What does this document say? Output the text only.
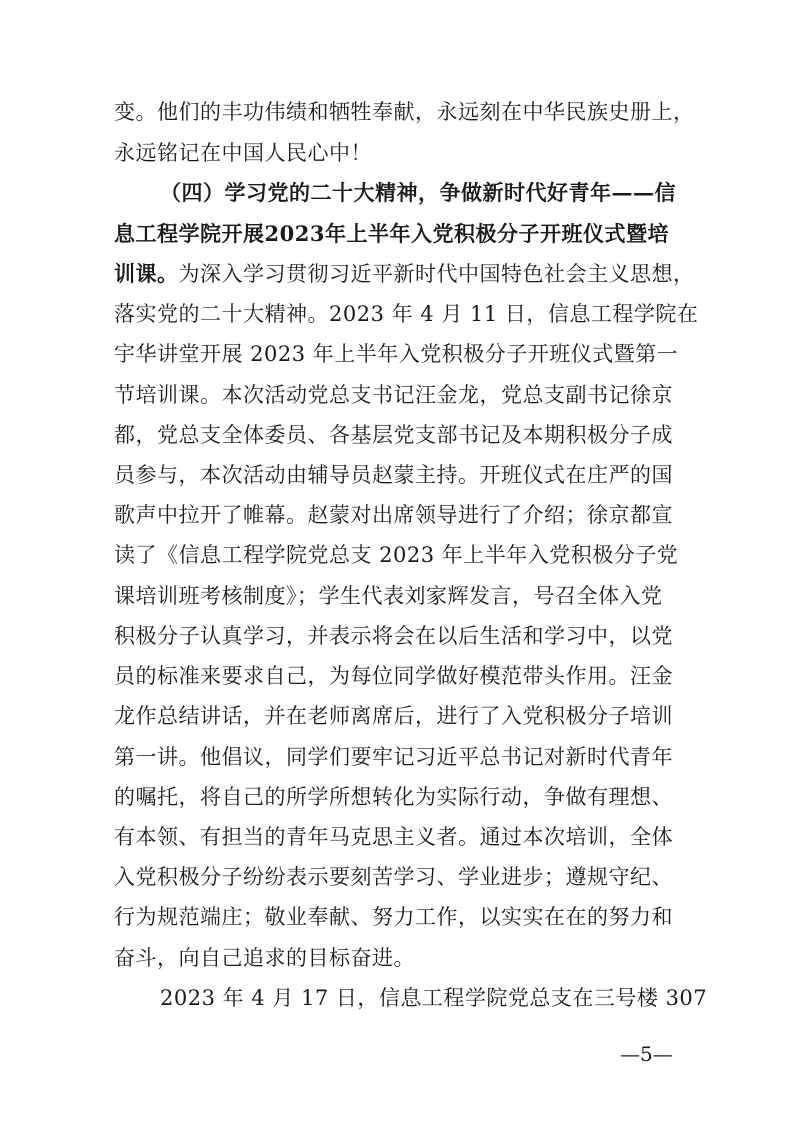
变。他们的丰功伟绩和牺牲奉献，永远刻在中华民族史册上，
永远铭记在中国人民心中！
（四）学习党的二十大精神，争做新时代好青年——信
息工程学院开展2023年上半年入党积极分子开班仪式暨培
训课。为深入学习贯彻习近平新时代中国特色社会主义思想，
落实党的二十大精神。2023 年 4 月 11 日，信息工程学院在
宇华讲堂开展 2023 年上半年入党积极分子开班仪式暨第一
节培训课。本次活动党总支书记汪金龙，党总支副书记徐京
都，党总支全体委员、各基层党支部书记及本期积极分子成
员参与，本次活动由辅导员赵蒙主持。开班仪式在庄严的国
歌声中拉开了帷幕。赵蒙对出席领导进行了介绍；徐京都宣
读了《信息工程学院党总支 2023 年上半年入党积极分子党
课培训班考核制度》；学生代表刘家辉发言，号召全体入党
积极分子认真学习，并表示将会在以后生活和学习中，以党
员的标准来要求自己，为每位同学做好模范带头作用。汪金
龙作总结讲话，并在老师离席后，进行了入党积极分子培训
第一讲。他倡议，同学们要牢记习近平总书记对新时代青年
的嘱托，将自己的所学所想转化为实际行动，争做有理想、
有本领、有担当的青年马克思主义者。通过本次培训，全体
入党积极分子纷纷表示要刻苦学习、学业进步；遵规守纪、
行为规范端庄；敬业奉献、努力工作，以实实在在的努力和
奋斗，向自己追求的目标奋进。
2023 年 4 月 17 日，信息工程学院党总支在三号楼 307
—5—
